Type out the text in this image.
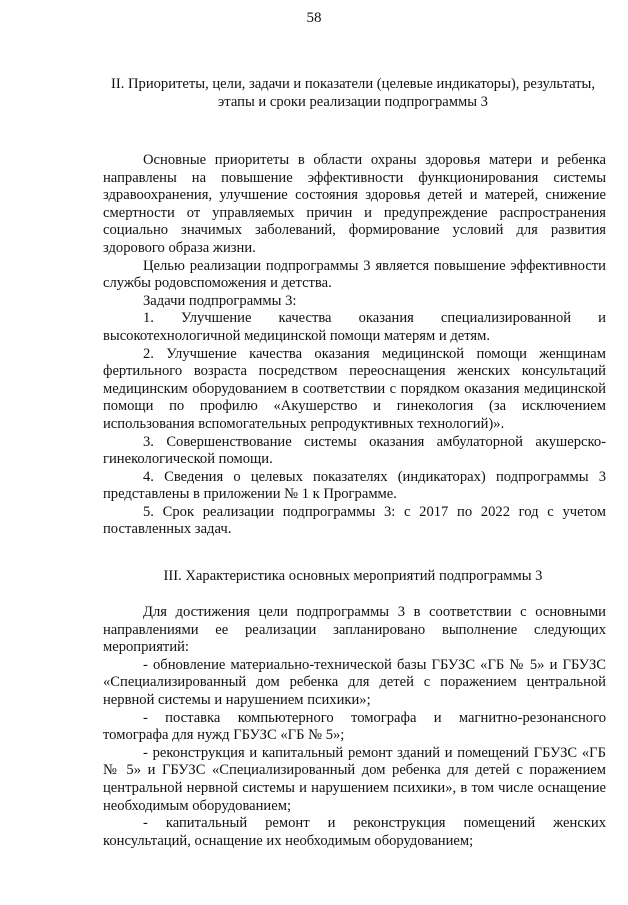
58
II. Приоритеты, цели, задачи и показатели (целевые индикаторы), результаты, этапы и сроки реализации подпрограммы 3

Основные приоритеты в области охраны здоровья матери и ребенка направлены на повышение эффективности функционирования системы здравоохранения, улучшение состояния здоровья детей и матерей, снижение смертности от управляемых причин и предупреждение распространения социально значимых заболеваний, формирование условий для развития здорового образа жизни.

Целью реализации подпрограммы 3 является повышение эффективности службы родовспоможения и детства.

Задачи подпрограммы 3:

1. Улучшение качества оказания специализированной и высокотехнологичной медицинской помощи матерям и детям.

2. Улучшение качества оказания медицинской помощи женщинам фертильного возраста посредством переоснащения женских консультаций медицинским оборудованием в соответствии с порядком оказания медицинской помощи по профилю «Акушерство и гинекология (за исключением использования вспомогательных репродуктивных технологий)».

3. Совершенствование системы оказания амбулаторной акушерско-гинекологической помощи.

4. Сведения о целевых показателях (индикаторах) подпрограммы 3 представлены в приложении № 1 к Программе.

5. Срок реализации подпрограммы 3: с 2017 по 2022 год с учетом поставленных задач.

III. Характеристика основных мероприятий подпрограммы 3

Для достижения цели подпрограммы 3 в соответствии с основными направлениями ее реализации запланировано выполнение следующих мероприятий:

- обновление материально-технической базы ГБУЗС «ГБ № 5» и ГБУЗС «Специализированный дом ребенка для детей с поражением центральной нервной системы и нарушением психики»;

- поставка компьютерного томографа и магнитно-резонансного томографа для нужд ГБУЗС «ГБ № 5»;

- реконструкция и капитальный ремонт зданий и помещений ГБУЗС «ГБ № 5» и ГБУЗС «Специализированный дом ребенка для детей с поражением центральной нервной системы и нарушением психики», в том числе оснащение необходимым оборудованием;

- капитальный ремонт и реконструкция помещений женских консультаций, оснащение их необходимым оборудованием;
